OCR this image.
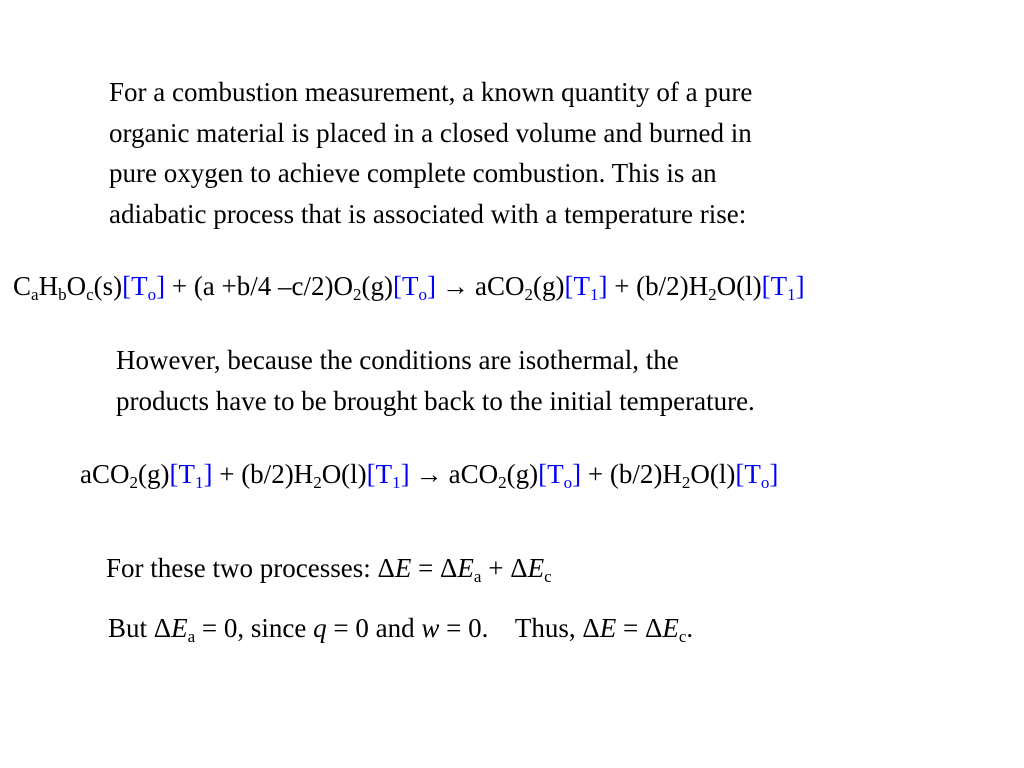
For a combustion measurement, a known quantity of a pure
organic material is placed in a closed volume and burned in
pure oxygen to achieve complete combustion. This is an
adiabatic process that is associated with a temperature rise:

$C_aH_bO_c(s)[T_o] + (a +b/4$ $-c/2)O_2(g)[T_o] \to aCO_2(g)[T_1] + (b/2)H_2O(l)[T_1]$

However, because the conditions are isothermal, the
products have to be brought back to the initial temperature.

$aCO_2(g)[T_1] + (b/2)H_2O(l)[T_1] \to aCO_2(g)[T_o] + (b/2)H_2O(l)[T_o]$
For these two processes: $\Delta E = \Delta E_a + \Delta E_c$
But $\Delta E_a = 0$, since q = 0 and w = 0.    Thus, $\Delta E = \Delta E_c$.
